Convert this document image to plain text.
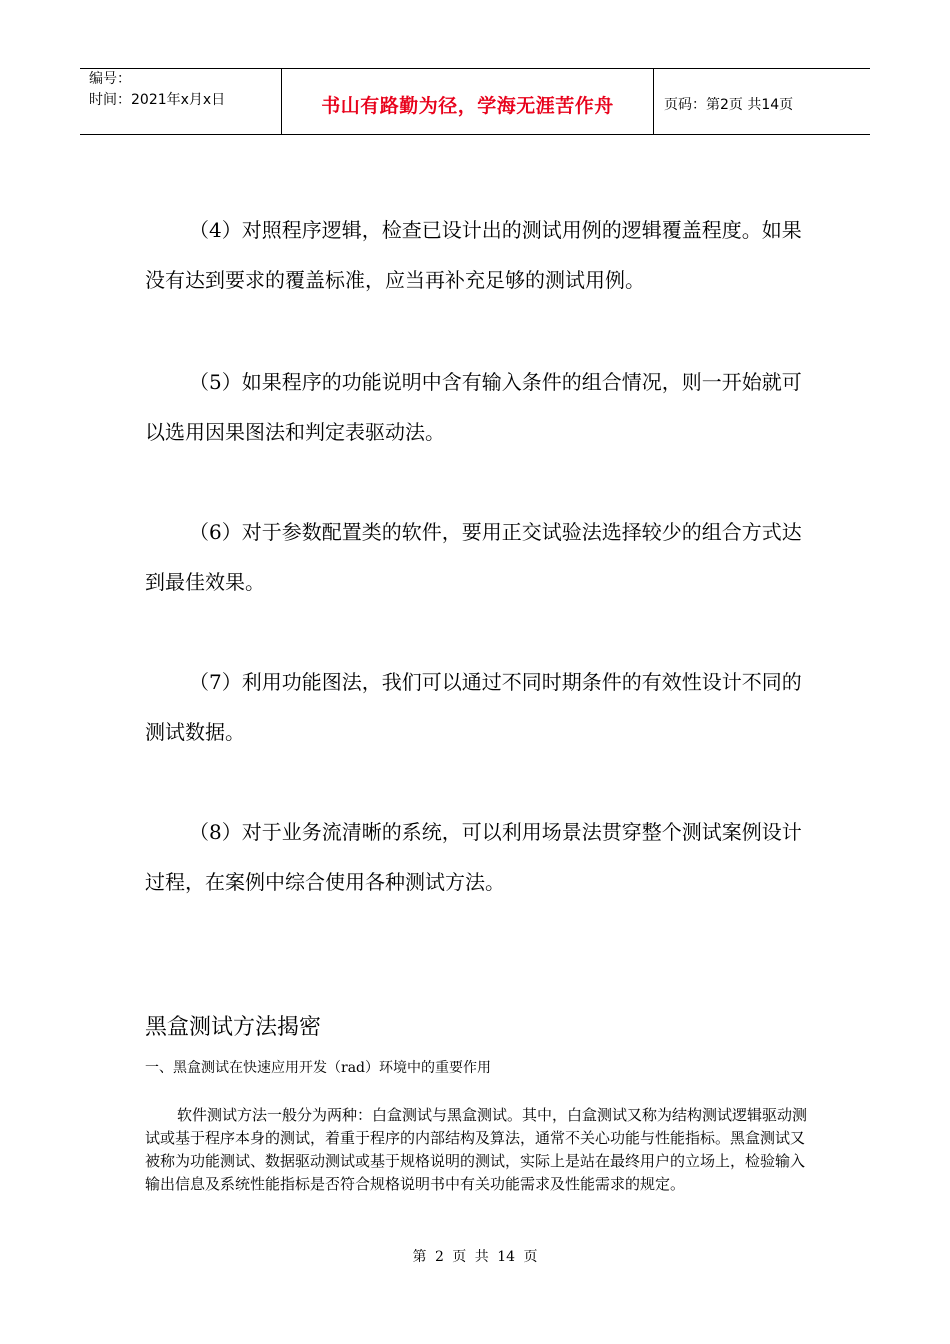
编号：
时间：2021年x月x日	书山有路勤为径，学海无涯苦作舟	页码：第2页 共14页

（4）对照程序逻辑，检查已设计出的测试用例的逻辑覆盖程度。如果没有达到要求的覆盖标准，应当再补充足够的测试用例。

（5）如果程序的功能说明中含有输入条件的组合情况，则一开始就可以选用因果图法和判定表驱动法。

（6）对于参数配置类的软件，要用正交试验法选择较少的组合方式达到最佳效果。

（7）利用功能图法，我们可以通过不同时期条件的有效性设计不同的测试数据。

（8）对于业务流清晰的系统，可以利用场景法贯穿整个测试案例设计过程，在案例中综合使用各种测试方法。

黑盒测试方法揭密

一、黑盒测试在快速应用开发（rad）环境中的重要作用

软件测试方法一般分为两种：白盒测试与黑盒测试。其中，白盒测试又称为结构测试逻辑驱动测试或基于程序本身的测试，着重于程序的内部结构及算法，通常不关心功能与性能指标。黑盒测试又被称为功能测试、数据驱动测试或基于规格说明的测试，实际上是站在最终用户的立场上，检验输入输出信息及系统性能指标是否符合规格说明书中有关功能需求及性能需求的规定。

第 2 页 共 14 页
